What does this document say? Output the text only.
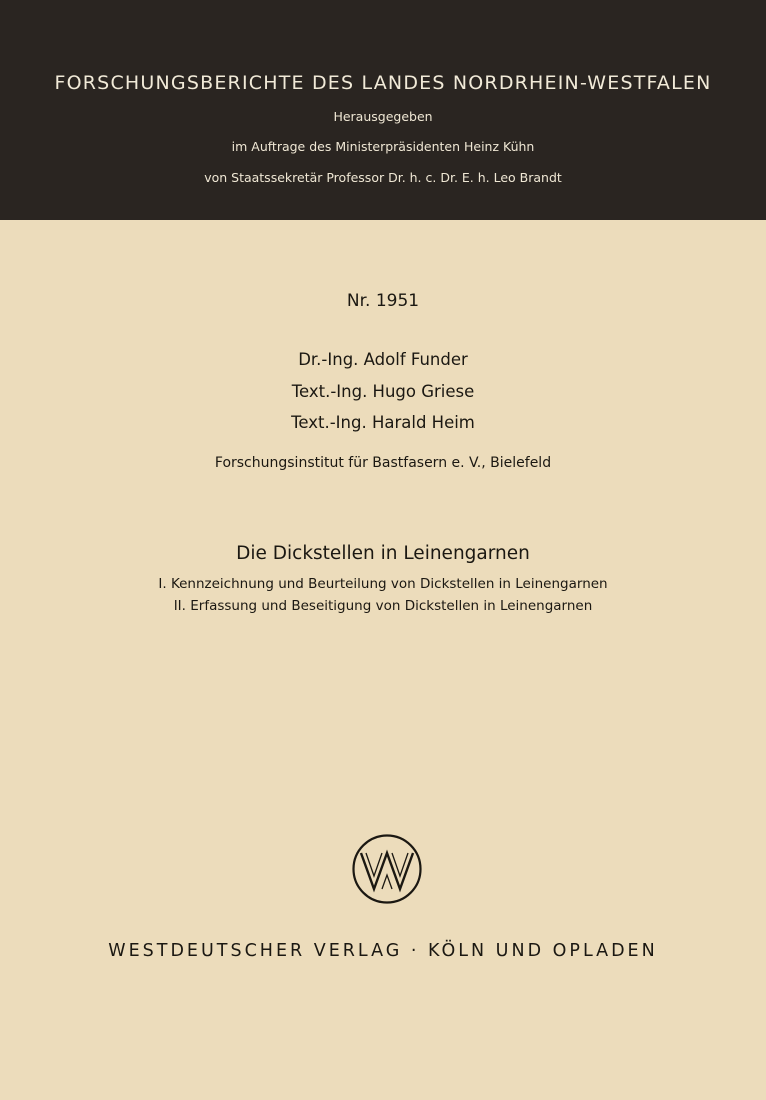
FORSCHUNGSBERICHTE DES LANDES NORDRHEIN-WESTFALEN
Herausgegeben
im Auftrage des Ministerpräsidenten Heinz Kühn
von Staatssekretär Professor Dr. h. c. Dr. E. h. Leo Brandt
Nr. 1951
Dr.-Ing. Adolf Funder
Text.-Ing. Hugo Griese
Text.-Ing. Harald Heim
Forschungsinstitut für Bastfasern e. V., Bielefeld
Die Dickstellen in Leinengarnen
I. Kennzeichnung und Beurteilung von Dickstellen in Leinengarnen
II. Erfassung und Beseitigung von Dickstellen in Leinengarnen
WESTDEUTSCHER VERLAG · KÖLN UND OPLADEN
